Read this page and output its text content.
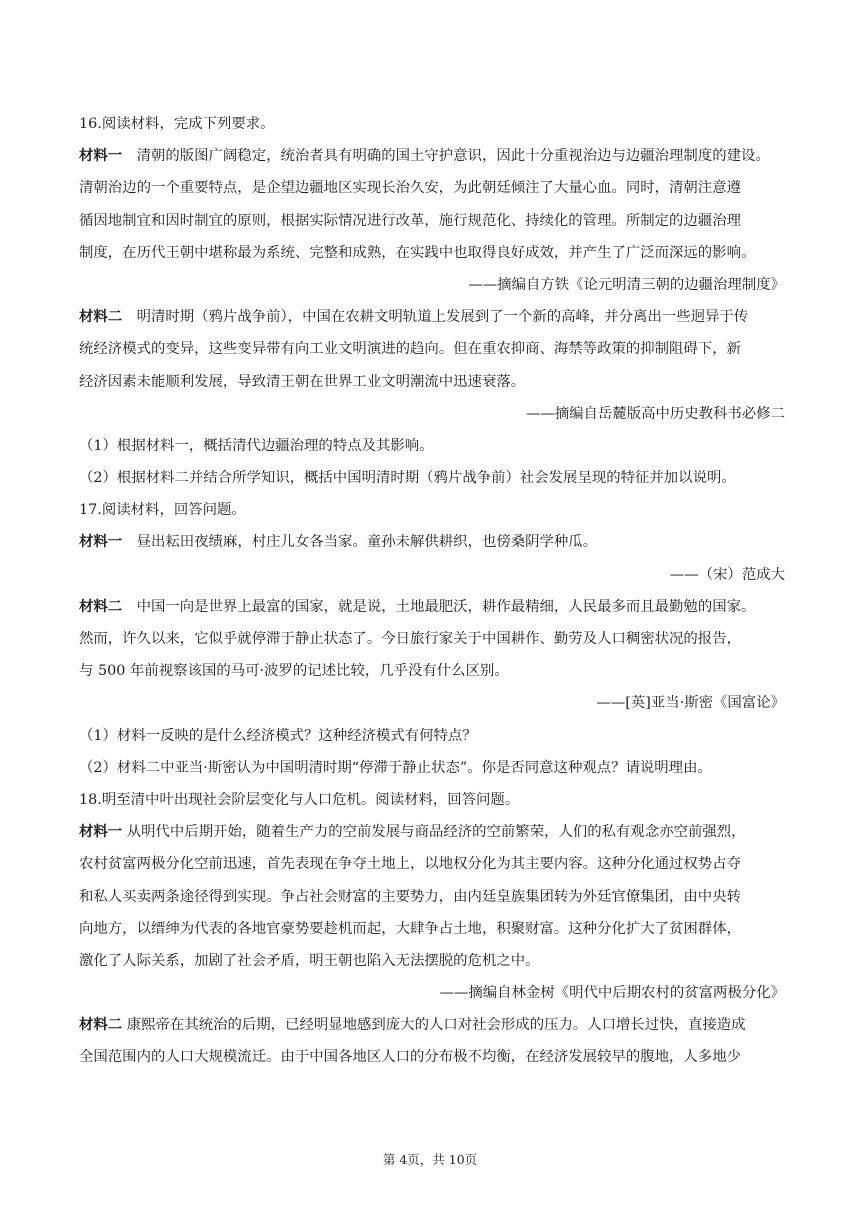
16.阅读材料，完成下列要求。
材料一　清朝的版图广阔稳定，统治者具有明确的国土守护意识，因此十分重视治边与边疆治理制度的建设。
清朝治边的一个重要特点，是企望边疆地区实现长治久安，为此朝廷倾注了大量心血。同时，清朝注意遵
循因地制宜和因时制宜的原则，根据实际情况进行改革，施行规范化、持续化的管理。所制定的边疆治理
制度，在历代王朝中堪称最为系统、完整和成熟，在实践中也取得良好成效，并产生了广泛而深远的影响。
——摘编自方铁《论元明清三朝的边疆治理制度》
材料二　明清时期（鸦片战争前），中国在农耕文明轨道上发展到了一个新的高峰，并分离出一些迥异于传
统经济模式的变异，这些变异带有向工业文明演进的趋向。但在重农抑商、海禁等政策的抑制阻碍下，新
经济因素未能顺利发展，导致清王朝在世界工业文明潮流中迅速衰落。
——摘编自岳麓版高中历史教科书必修二
（1）根据材料一，概括清代边疆治理的特点及其影响。
（2）根据材料二并结合所学知识，概括中国明清时期（鸦片战争前）社会发展呈现的特征并加以说明。
17.阅读材料，回答问题。
材料一　昼出耘田夜绩麻，村庄儿女各当家。童孙未解供耕织，也傍桑阴学种瓜。
——（宋）范成大
材料二　中国一向是世界上最富的国家，就是说，土地最肥沃，耕作最精细，人民最多而且最勤勉的国家。
然而，许久以来，它似乎就停滞于静止状态了。今日旅行家关于中国耕作、勤劳及人口稠密状况的报告，
与 500 年前视察该国的马可·波罗的记述比较，几乎没有什么区别。
——[英]亚当·斯密《国富论》
（1）材料一反映的是什么经济模式？这种经济模式有何特点？
（2）材料二中亚当·斯密认为中国明清时期“停滞于静止状态”。你是否同意这种观点？请说明理由。
18.明至清中叶出现社会阶层变化与人口危机。阅读材料，回答问题。
材料一 从明代中后期开始，随着生产力的空前发展与商品经济的空前繁荣，人们的私有观念亦空前强烈，
农村贫富两极分化空前迅速，首先表现在争夺土地上，以地权分化为其主要内容。这种分化通过权势占夺
和私人买卖两条途径得到实现。争占社会财富的主要势力，由内廷皇族集团转为外廷官僚集团，由中央转
向地方，以缙绅为代表的各地官豪势要趁机而起，大肆争占土地，积聚财富。这种分化扩大了贫困群体，
激化了人际关系，加剧了社会矛盾，明王朝也陷入无法摆脱的危机之中。
——摘编自林金树《明代中后期农村的贫富两极分化》
材料二 康熙帝在其统治的后期，已经明显地感到庞大的人口对社会形成的压力。人口增长过快，直接造成
全国范围内的人口大规模流迁。由于中国各地区人口的分布极不均衡，在经济发展较早的腹地，人多地少
第 4页，共 10页
